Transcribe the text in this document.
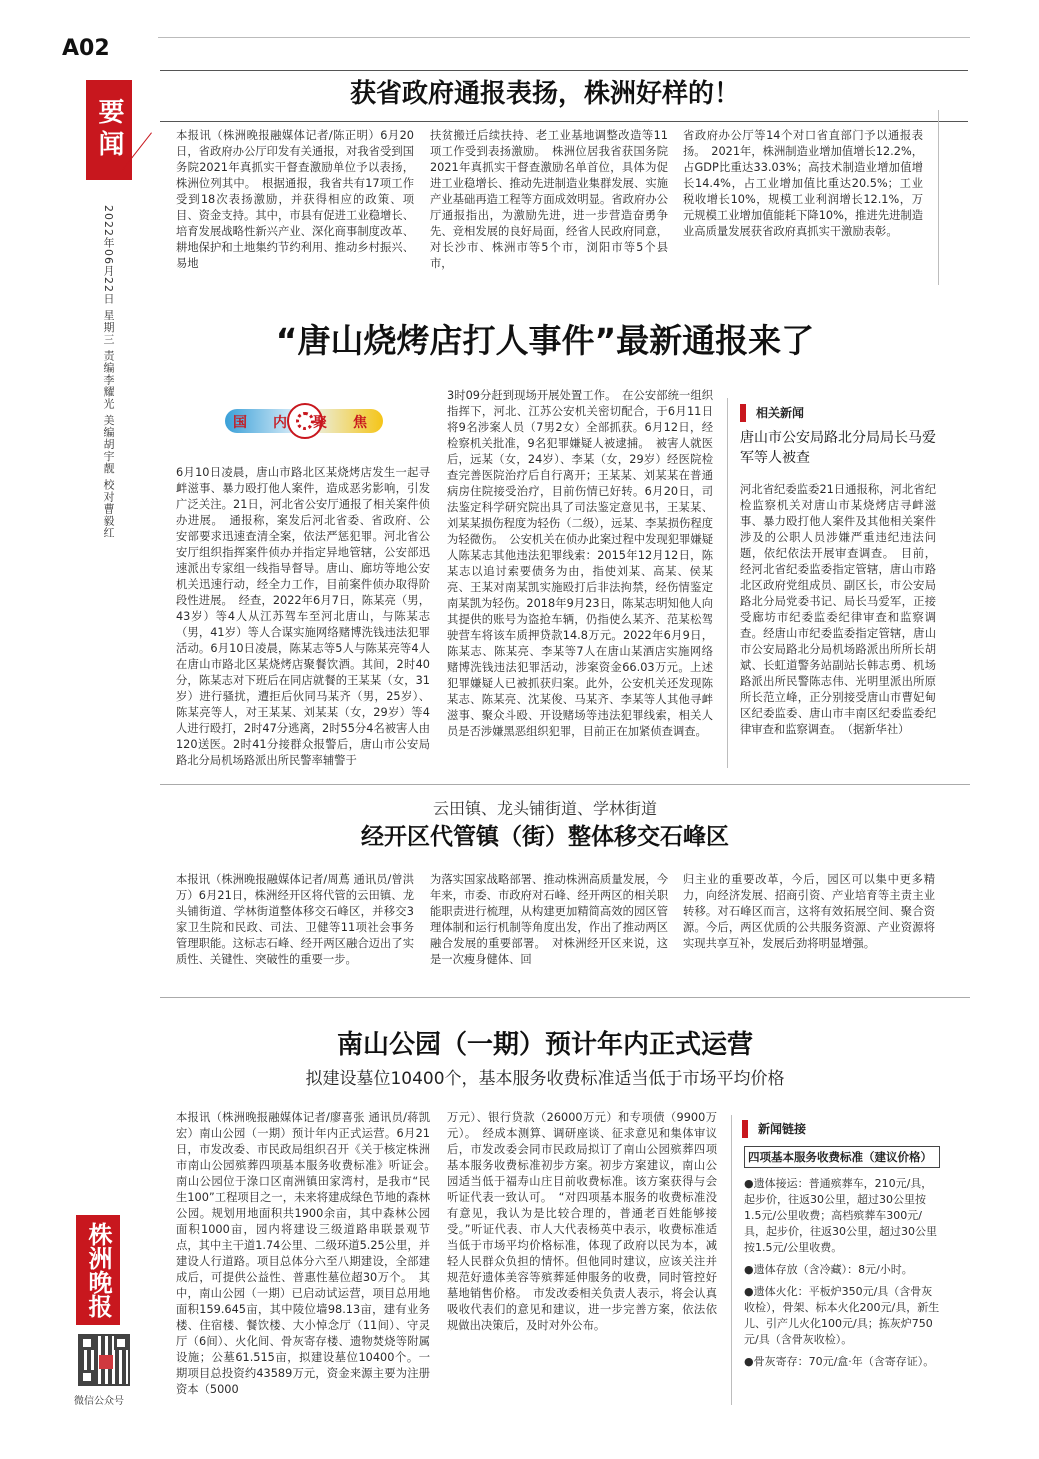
A02
要闻
2022年06月22日 星期三 责编李耀光 美编胡宇靓 校对曹毅红
株洲晚报
微信公众号
获省政府通报表扬，株洲好样的！
本报讯（株洲晚报融媒体记者/陈正明）6月20日，省政府办公厅印发有关通报，对我省受到国务院2021年真抓实干督查激励单位予以表扬，株洲位列其中。　根据通报，我省共有17项工作受到18次表扬激励，并获得相应的政策、项目、资金支持。其中，市县有促进工业稳增长、培育发展战略性新兴产业、深化商事制度改革、耕地保护和土地集约节约利用、推动乡村振兴、易地
扶贫搬迁后续扶持、老工业基地调整改造等11项工作受到表扬激励。　株洲位居我省获国务院2021年真抓实干督查激励名单首位，具体为促进工业稳增长、推动先进制造业集群发展、实施产业基础再造工程等方面成效明显。省政府办公厅通报指出，为激励先进，进一步营造奋勇争先、竞相发展的良好局面，经省人民政府同意，对长沙市、株洲市等5个市，浏阳市等5个县市，
省政府办公厅等14个对口省直部门予以通报表扬。　2021年，株洲制造业增加值增长12.2%，占GDP比重达33.03%；高技术制造业增加值增长14.4%，占工业增加值比重达20.5%；工业税收增长10%，规模工业利润增长12.1%，万元规模工业增加值能耗下降10%，推进先进制造业高质量发展获省政府真抓实干激励表彰。
“唐山烧烤店打人事件”最新通报来了
国内聚焦
6月10日凌晨，唐山市路北区某烧烤店发生一起寻衅滋事、暴力殴打他人案件，造成恶劣影响，引发广泛关注。21日，河北省公安厅通报了相关案件侦办进展。　通报称，案发后河北省委、省政府、公安部要求迅速查清全案，依法严惩犯罪。河北省公安厅组织指挥案件侦办并指定异地管辖，公安部迅速派出专家组一线指导督导。唐山、廊坊等地公安机关迅速行动，经全力工作，目前案件侦办取得阶段性进展。　经查，2022年6月7日，陈某亮（男，43岁）等4人从江苏驾车至河北唐山，与陈某志（男，41岁）等人合谋实施网络赌博洗钱违法犯罪活动。6月10日凌晨，陈某志等5人与陈某亮等4人在唐山市路北区某烧烤店聚餐饮酒。其间，2时40分，陈某志对下班后在同店就餐的王某某（女，31岁）进行骚扰，遭拒后伙同马某齐（男，25岁）、陈某亮等人，对王某某、刘某某（女，29岁）等4人进行殴打，2时47分逃离，2时55分4名被害人由120送医。2时41分接群众报警后，唐山市公安局路北分局机场路派出所民警率辅警于
3时09分赶到现场开展处置工作。　在公安部统一组织指挥下，河北、江苏公安机关密切配合，于6月11日将9名涉案人员（7男2女）全部抓获。6月12日，经检察机关批准，9名犯罪嫌疑人被逮捕。　被害人就医后，远某（女，24岁）、李某（女，29岁）经医院检查完善医院治疗后自行离开；王某某、刘某某在普通病房住院接受治疗，目前伤情已好转。6月20日，司法鉴定科学研究院出具了司法鉴定意见书，王某某、刘某某损伤程度为轻伤（二级），远某、李某损伤程度为轻微伤。　公安机关在侦办此案过程中发现犯罪嫌疑人陈某志其他违法犯罪线索：2015年12月12日，陈某志以追讨索要债务为由，指使刘某、高某、侯某亮、王某对南某凯实施殴打后非法拘禁，经伤情鉴定南某凯为轻伤。2018年9月23日，陈某志明知他人向其提供的账号为盗抢车辆，仍指使么某齐、范某松驾驶营车将该车质押贷款14.8万元。2022年6月9日，陈某志、陈某亮、李某等7人在唐山某酒店实施网络赌博洗钱违法犯罪活动，涉案资金66.03万元。上述犯罪嫌疑人已被抓获归案。此外，公安机关还发现陈某志、陈某亮、沈某俊、马某齐、李某等人其他寻衅滋事、聚众斗殴、开设赌场等违法犯罪线索，相关人员是否涉嫌黑恶组织犯罪，目前正在加紧侦查调查。
相关新闻
唐山市公安局路北分局局长马爱军等人被查
河北省纪委监委21日通报称，河北省纪检监察机关对唐山市某烧烤店寻衅滋事、暴力殴打他人案件及其他相关案件涉及的公职人员涉嫌严重违纪违法问题，依纪依法开展审查调查。　目前，经河北省纪委监委指定管辖，唐山市路北区政府党组成员、副区长，市公安局路北分局党委书记、局长马爱军，正接受廊坊市纪委监委纪律审查和监察调查。经唐山市纪委监委指定管辖，唐山市公安局路北分局机场路派出所所长胡斌、长虹道警务站副站长韩志勇、机场路派出所民警陈志伟、光明里派出所原所长范立峰，正分别接受唐山市曹妃甸区纪委监委、唐山市丰南区纪委监委纪律审查和监察调查。　（据新华社）
云田镇、龙头铺街道、学林街道
经开区代管镇（街）整体移交石峰区
本报讯（株洲晚报融媒体记者/周蔦 通讯员/曾洪万）6月21日，株洲经开区将代管的云田镇、龙头铺街道、学林街道整体移交石峰区，并移交3家卫生院和民政、司法、卫健等11项社会事务管理职能。这标志石峰、经开两区融合迈出了实质性、关键性、突破性的重要一步。
为落实国家战略部署、推动株洲高质量发展，今年来，市委、市政府对石峰、经开两区的相关职能职责进行梳理，从构建更加精简高效的园区管理体制和运行机制等角度出发，作出了推动两区融合发展的重要部署。　对株洲经开区来说，这是一次瘦身健体、回
归主业的重要改革，今后，园区可以集中更多精力，向经济发展、招商引资、产业培育等主责主业转移。对石峰区而言，这将有效拓展空间、聚合资源。今后，两区优质的公共服务资源、产业资源将实现共享互补，发展后劲将明显增强。
南山公园（一期）预计年内正式运营
拟建设墓位10400个，基本服务收费标准适当低于市场平均价格
本报讯（株洲晚报融媒体记者/廖喜张 通讯员/蒋凯宏）南山公园（一期）预计年内正式运营。6月21日，市发改委、市民政局组织召开《关于核定株洲市南山公园殡葬四项基本服务收费标准》听证会。　南山公园位于淥口区南洲镇田家湾村，是我市“民生100”工程项目之一，未来将建成绿色节地的森林公园。规划用地面积共1900余亩，其中森林公园面积1000亩，园内将建设三级道路串联景观节点，其中主干道1.74公里、二级环道5.25公里，并建设人行道路。项目总体分六至八期建设，全部建成后，可提供公益性、普惠性墓位超30万个。　其中，南山公园（一期）已启动试运营，项目总用地面积159.645亩，其中陵位墙98.13亩，建有业务楼、住宿楼、餐饮楼、大小悼念厅（11间）、守灵厅（6间）、火化间、骨灰寄存楼、遗物焚烧等附属设施；公墓61.515亩，拟建设墓位10400个。一期项目总投资约43589万元，资金来源主要为注册资本（5000
万元）、银行贷款（26000万元）和专项债（9900万元）。　经成本测算、调研座谈、征求意见和集体审议后，市发改委会同市民政局拟订了南山公园殡葬四项基本服务收费标准初步方案。初步方案建议，南山公园适当低于福寿山庄目前收费标准。该方案获得与会听证代表一致认可。　“对四项基本服务的收费标准没有意见，我认为是比较合理的，普通老百姓能够接受。”听证代表、市人大代表杨英中表示，收费标准适当低于市场平均价格标准，体现了政府以民为本，减轻人民群众负担的情怀。但他同时建议，应该关注并规范好遗体美容等殡葬延伸服务的收费，同时管控好墓地销售价格。　市发改委相关负责人表示，将会认真吸收代表们的意见和建议，进一步完善方案，依法依规做出决策后，及时对外公布。
新闻链接
四项基本服务收费标准（建议价格）
●遗体接运：普通殡葬车，210元/具，起步价，往返30公里，超过30公里按1.5元/公里收费；高档殡葬车300元/具，起步价，往返30公里，超过30公里按1.5元/公里收费。
●遗体存放（含冷藏）：8元/小时。
●遗体火化：平板炉350元/具（含骨灰收检），骨架、标本火化200元/具，新生儿、引产儿火化100元/具；拣灰炉750元/具（含骨灰收检）。
●骨灰寄存：70元/盒·年（含寄存证）。
